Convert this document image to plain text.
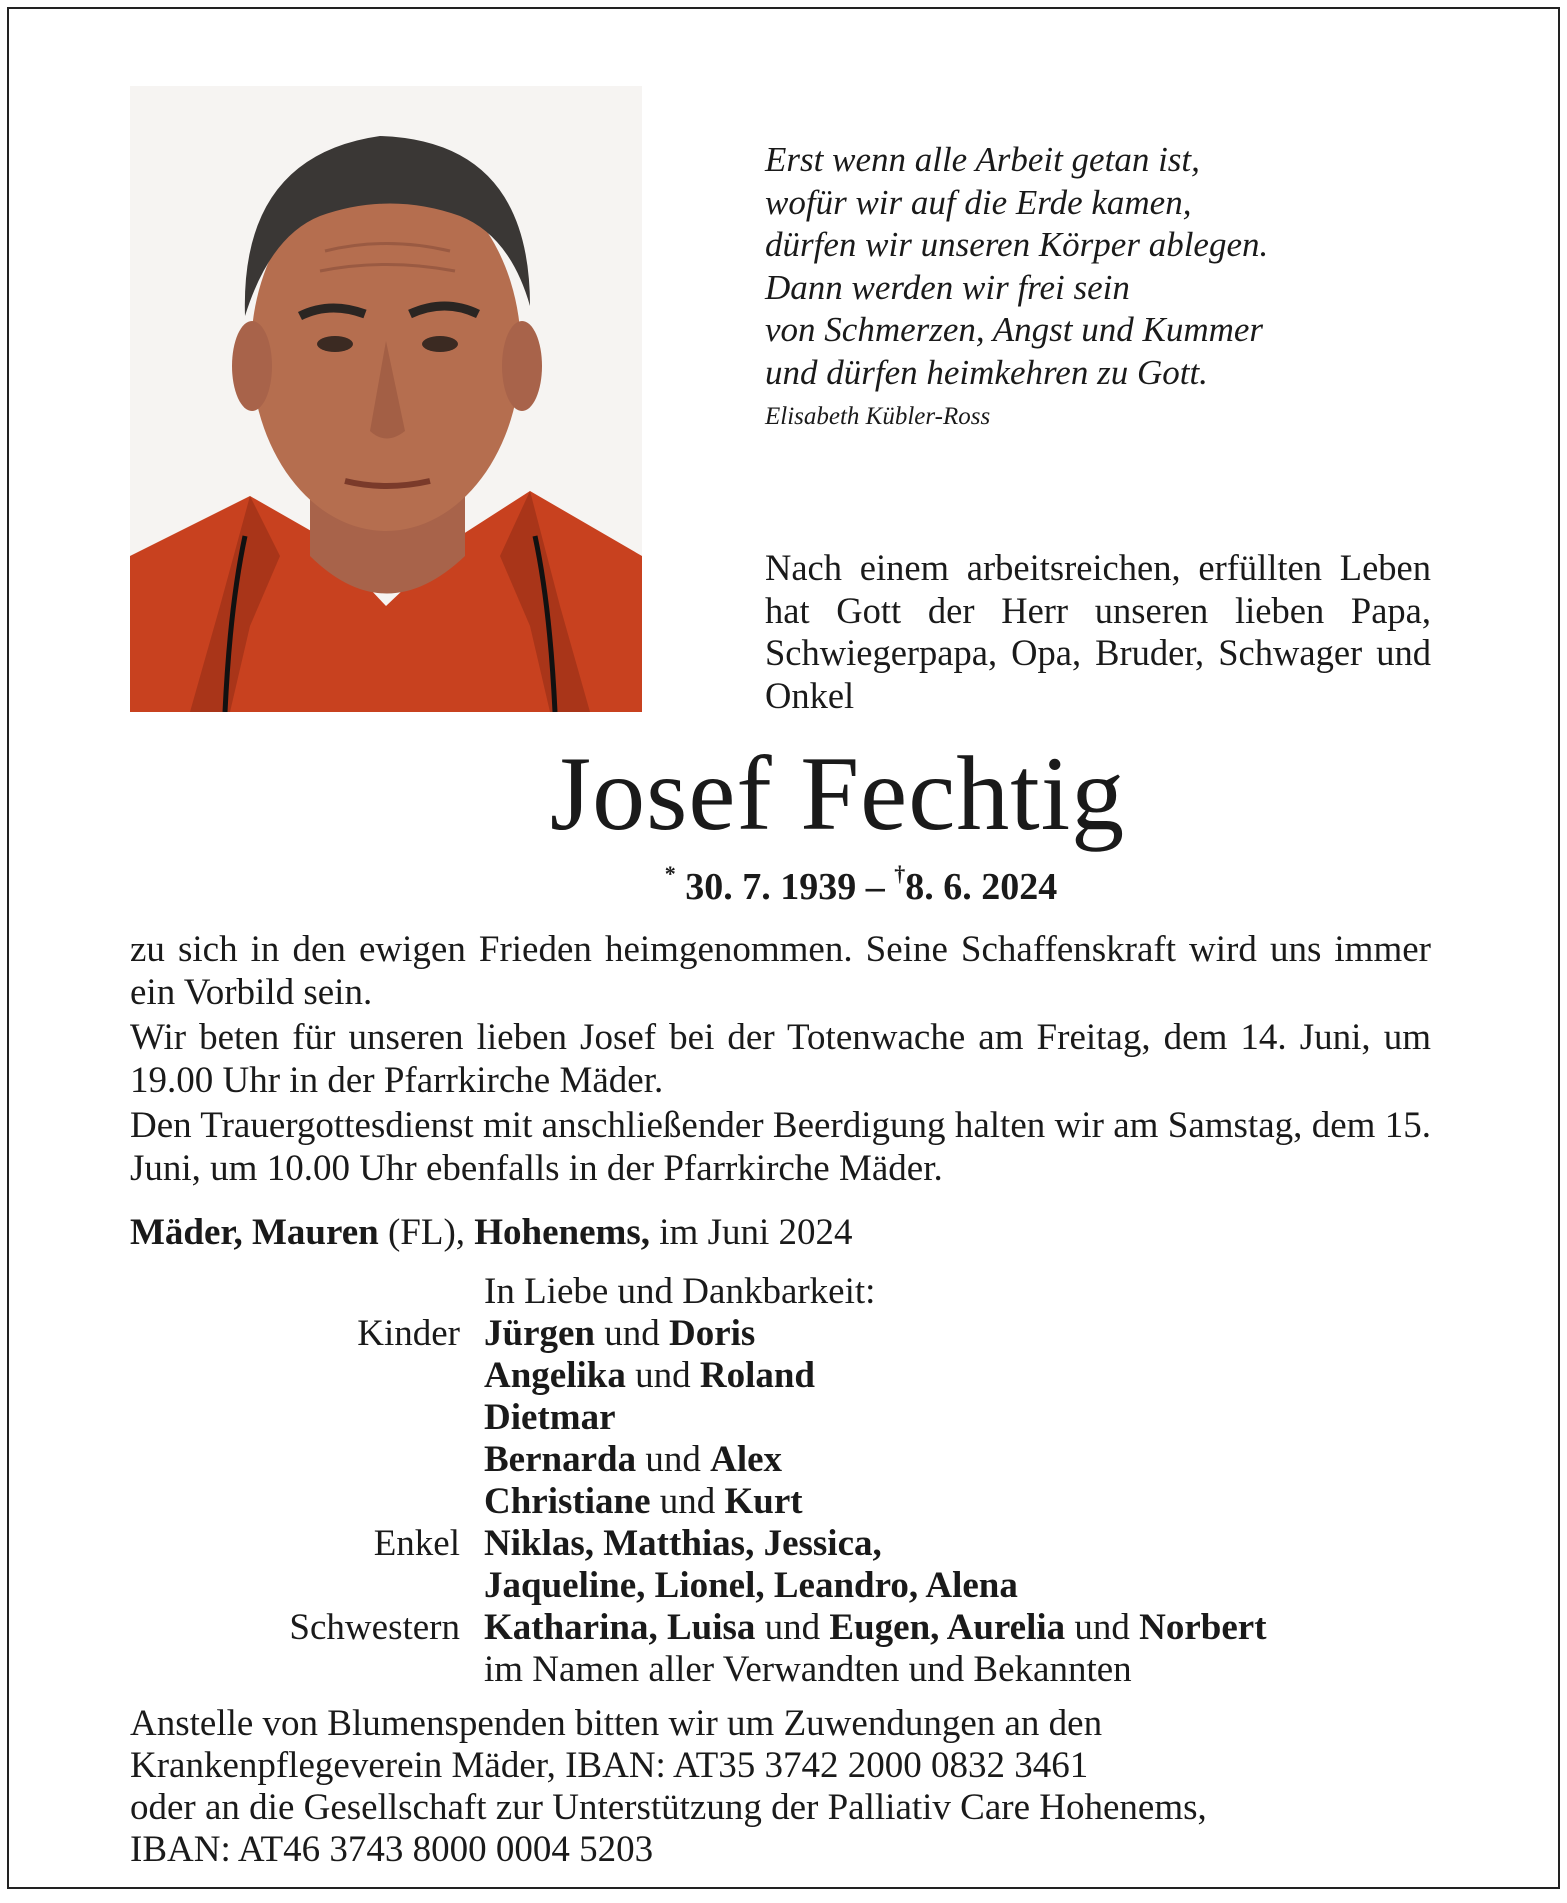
Erst wenn alle Arbeit getan ist,
wofür wir auf die Erde kamen,
dürfen wir unseren Körper ablegen.
Dann werden wir frei sein
von Schmerzen, Angst und Kummer
und dürfen heimkehren zu Gott.
Elisabeth Kübler-Ross
Nach einem arbeitsreichen, erfüllten Leben hat Gott der Herr unseren lieben Papa, Schwiegerpapa, Opa, Bruder, Schwager und Onkel
Josef Fechtig
* 30. 7. 1939 – †8. 6. 2024

zu sich in den ewigen Frieden heimgenommen. Seine Schaffenskraft wird uns immer ein Vorbild sein.

Wir beten für unseren lieben Josef bei der Totenwache am Freitag, dem 14. Juni, um 19.00 Uhr in der Pfarrkirche Mäder.

Den Trauergottesdienst mit anschließender Beerdigung halten wir am Samstag, dem 15. Juni, um 10.00 Uhr ebenfalls in der Pfarrkirche Mäder.

Mäder, Mauren (FL), Hohenems, im Juni 2024
In Liebe und Dankbarkeit:
Kinder Jürgen und Doris
Angelika und Roland
Dietmar
Bernarda und Alex
Christiane und Kurt
Enkel Niklas, Matthias, Jessica,
Jaqueline, Lionel, Leandro, Alena
Schwestern Katharina, Luisa und Eugen, Aurelia und Norbert
im Namen aller Verwandten und Bekannten
Anstelle von Blumenspenden bitten wir um Zuwendungen an den
Krankenpflegeverein Mäder, IBAN: AT35 3742 2000 0832 3461
oder an die Gesellschaft zur Unterstützung der Palliativ Care Hohenems,
IBAN: AT46 3743 8000 0004 5203
